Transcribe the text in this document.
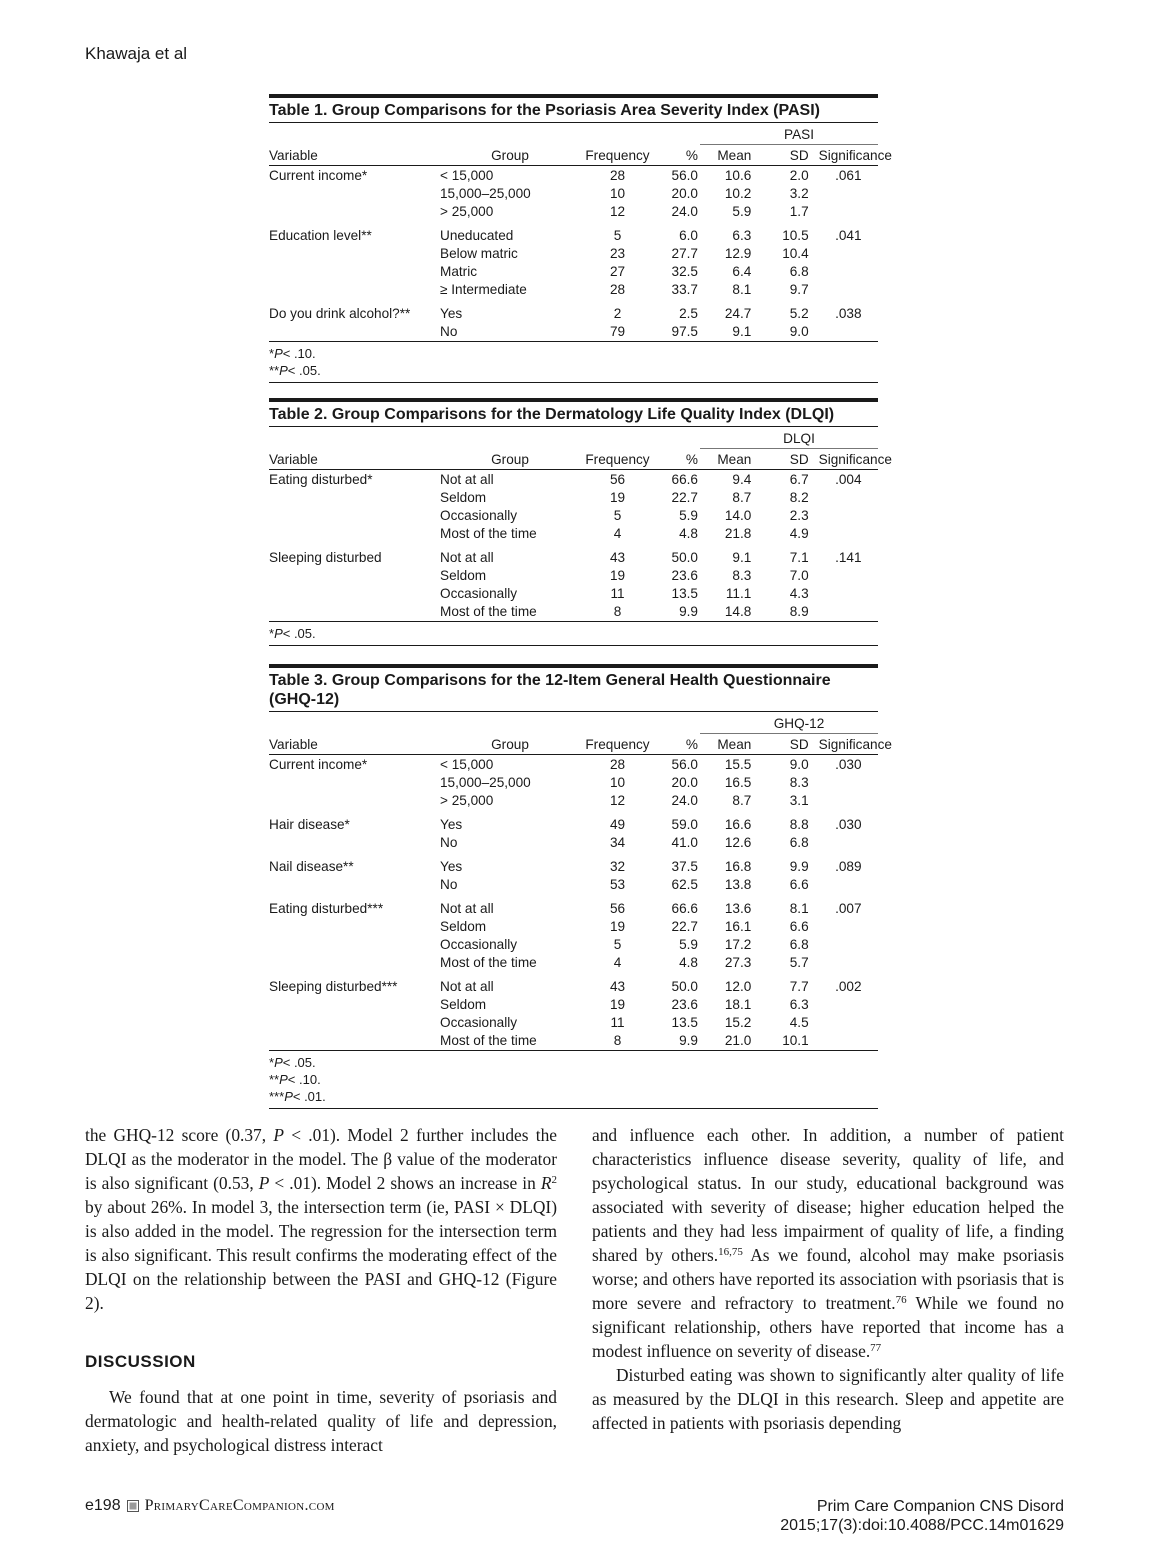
Khawaja et al
Table 1. Group Comparisons for the Psoriasis Area Severity Index (PASI)
				PASI		
Variable	Group	Frequency	%	Mean	SD	Significance
Current income*	< 15,000	28	56.0	10.6	2.0	.061
	15,000–25,000	10	20.0	10.2	3.2	
	> 25,000	12	24.0	5.9	1.7	
Education level**	Uneducated	5	6.0	6.3	10.5	.041
	Below matric	23	27.7	12.9	10.4	
	Matric	27	32.5	6.4	6.8	
	≥ Intermediate	28	33.7	8.1	9.7	
Do you drink alcohol?**	Yes	2	2.5	24.7	5.2	.038
	No	79	97.5	9.1	9.0	
*P< .10.
**P< .05.
Table 2. Group Comparisons for the Dermatology Life Quality Index (DLQI)
				DLQI		
Variable	Group	Frequency	%	Mean	SD	Significance
Eating disturbed*	Not at all	56	66.6	9.4	6.7	.004
	Seldom	19	22.7	8.7	8.2	
	Occasionally	5	5.9	14.0	2.3	
	Most of the time	4	4.8	21.8	4.9	
Sleeping disturbed	Not at all	43	50.0	9.1	7.1	.141
	Seldom	19	23.6	8.3	7.0	
	Occasionally	11	13.5	11.1	4.3	
	Most of the time	8	9.9	14.8	8.9	
*P< .05.
Table 3. Group Comparisons for the 12-Item General Health Questionnaire (GHQ-12)
				GHQ-12		
Variable	Group	Frequency	%	Mean	SD	Significance
Current income*	< 15,000	28	56.0	15.5	9.0	.030
	15,000–25,000	10	20.0	16.5	8.3	
	> 25,000	12	24.0	8.7	3.1	
Hair disease*	Yes	49	59.0	16.6	8.8	.030
	No	34	41.0	12.6	6.8	
Nail disease**	Yes	32	37.5	16.8	9.9	.089
	No	53	62.5	13.8	6.6	
Eating disturbed***	Not at all	56	66.6	13.6	8.1	.007
	Seldom	19	22.7	16.1	6.6	
	Occasionally	5	5.9	17.2	6.8	
	Most of the time	4	4.8	27.3	5.7	
Sleeping disturbed***	Not at all	43	50.0	12.0	7.7	.002
	Seldom	19	23.6	18.1	6.3	
	Occasionally	11	13.5	15.2	4.5	
	Most of the time	8	9.9	21.0	10.1	
*P< .05.
**P< .10.
***P< .01.

the GHQ-12 score (0.37, P < .01). Model 2 further includes the DLQI as the moderator in the model. The β value of the moderator is also significant (0.53, P < .01). Model 2 shows an increase in $R^2$ by about 26%. In model 3, the intersection term (ie, PASI × DLQI) is also added in the model. The regression for the intersection term is also significant. This result confirms the moderating effect of the DLQI on the relationship between the PASI and GHQ-12 (Figure 2).

DISCUSSION

We found that at one point in time, severity of psoriasis and dermatologic and health-related quality of life and depression, anxiety, and psychological distress interact

and influence each other. In addition, a number of patient characteristics influence disease severity, quality of life, and psychological status. In our study, educational background was associated with severity of disease; higher education helped the patients and they had less impairment of quality of life, a finding shared by others.$^{16,75}$ As we found, alcohol may make psoriasis worse; and others have reported its association with psoriasis that is more severe and refractory to treatment.$^{76}$ While we found no significant relationship, others have reported that income has a modest influence on severity of disease.$^{77}$

Disturbed eating was shown to significantly alter quality of life as measured by the DLQI in this research. Sleep and appetite are affected in patients with psoriasis depending

e198 PrimaryCareCompanion.com	Prim Care Companion CNS Disord
2015;17(3):doi:10.4088/PCC.14m01629
